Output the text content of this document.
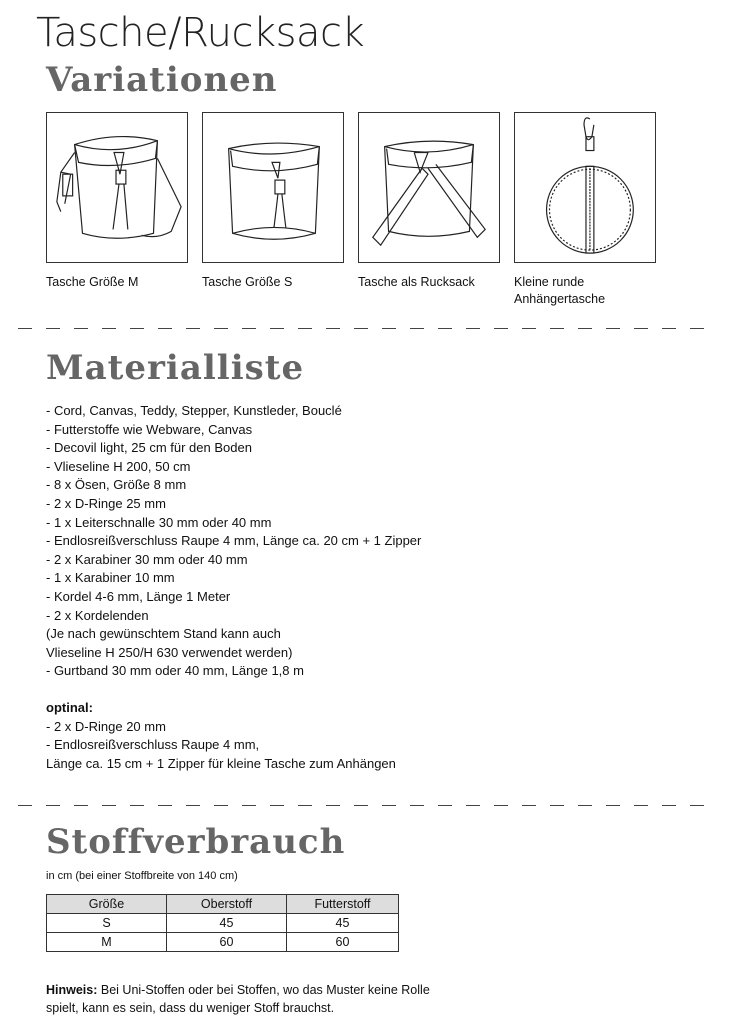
Tasche/Rucksack
Variationen
Tasche Größe M	Tasche Größe S	Tasche als Rucksack	Kleine runde
Anhängertasche
Materialliste
- Cord, Canvas, Teddy, Stepper, Kunstleder, Bouclé
- Futterstoffe wie Webware, Canvas
- Decovil light, 25 cm für den Boden
- Vlieseline H 200, 50 cm
- 8 x Ösen, Größe 8 mm
- 2 x D-Ringe 25 mm
- 1 x Leiterschnalle 30 mm oder 40 mm
- Endlosreißverschluss Raupe 4 mm, Länge ca. 20 cm + 1 Zipper
- 2 x Karabiner 30 mm oder 40 mm
- 1 x Karabiner 10 mm
- Kordel 4-6 mm, Länge 1 Meter
- 2 x Kordelenden
(Je nach gewünschtem Stand kann auch
Vlieseline H 250/H 630 verwendet werden)
- Gurtband 30 mm oder 40 mm, Länge 1,8 m
optinal:
- 2 x D-Ringe 20 mm
- Endlosreißverschluss Raupe 4 mm,
Länge ca. 15 cm + 1 Zipper für kleine Tasche zum Anhängen
Stoffverbrauch
in cm (bei einer Stoffbreite von 140 cm)
Größe	Oberstoff	Futterstoff
S	45	45
M	60	60
Hinweis: Bei Uni-Stoffen oder bei Stoffen, wo das Muster keine Rolle
spielt, kann es sein, dass du weniger Stoff brauchst.
